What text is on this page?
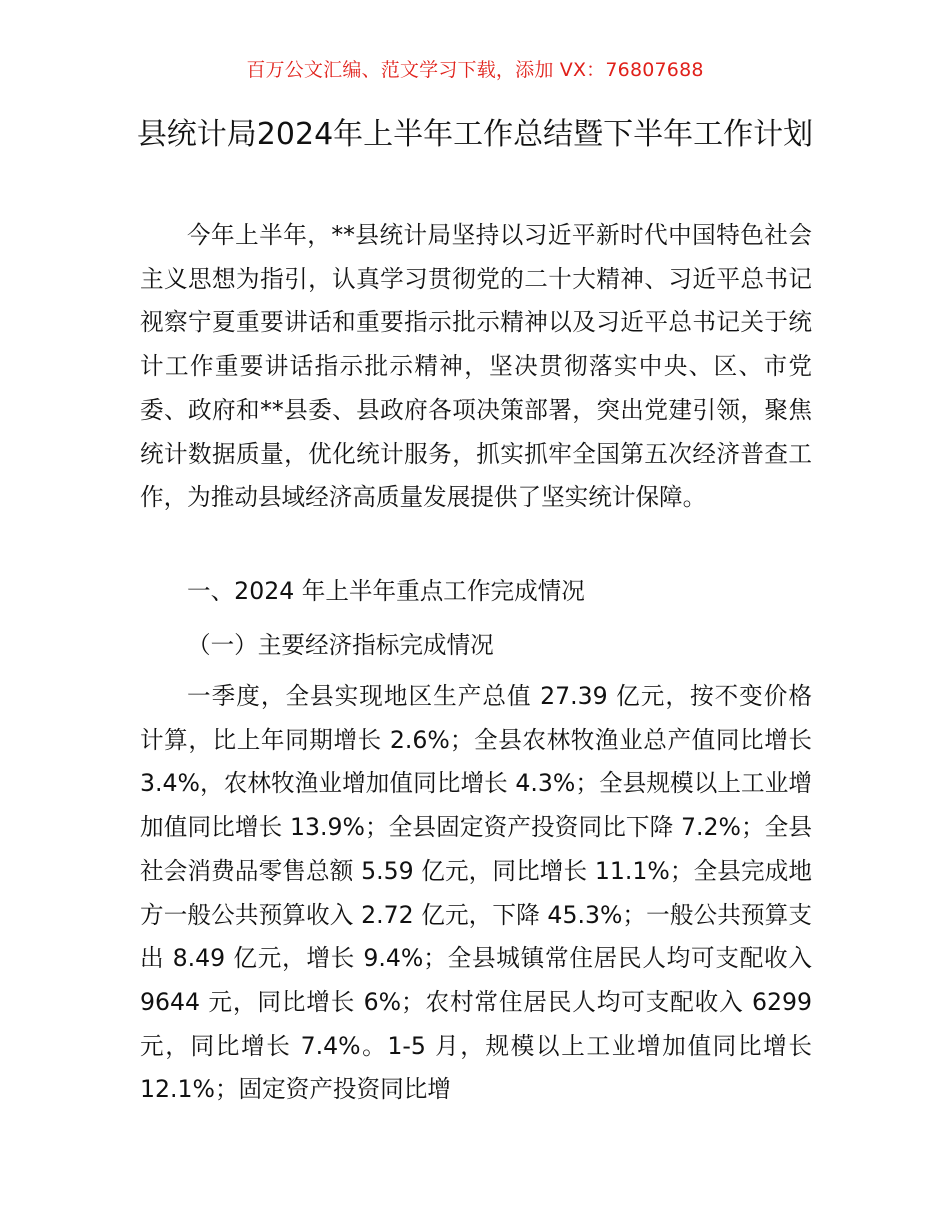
百万公文汇编、范文学习下载，添加 VX：76807688
县统计局2024年上半年工作总结暨下半年工作计划

今年上半年，**县统计局坚持以习近平新时代中国特色社会主义思想为指引，认真学习贯彻党的二十大精神、习近平总书记视察宁夏重要讲话和重要指示批示精神以及习近平总书记关于统计工作重要讲话指示批示精神，坚决贯彻落实中央、区、市党委、政府和**县委、县政府各项决策部署，突出党建引领，聚焦统计数据质量，优化统计服务，抓实抓牢全国第五次经济普查工作，为推动县域经济高质量发展提供了坚实统计保障。

一、2024 年上半年重点工作完成情况

（一）主要经济指标完成情况

一季度，全县实现地区生产总值 27.39 亿元，按不变价格计算，比上年同期增长 2.6%；全县农林牧渔业总产值同比增长 3.4%，农林牧渔业增加值同比增长 4.3%；全县规模以上工业增加值同比增长 13.9%；全县固定资产投资同比下降 7.2%；全县社会消费品零售总额 5.59 亿元，同比增长 11.1%；全县完成地方一般公共预算收入 2.72 亿元，下降 45.3%；一般公共预算支出 8.49 亿元，增长 9.4%；全县城镇常住居民人均可支配收入 9644 元，同比增长 6%；农村常住居民人均可支配收入 6299 元，同比增长 7.4%。1-5 月，规模以上工业增加值同比增长 12.1%；固定资产投资同比增
